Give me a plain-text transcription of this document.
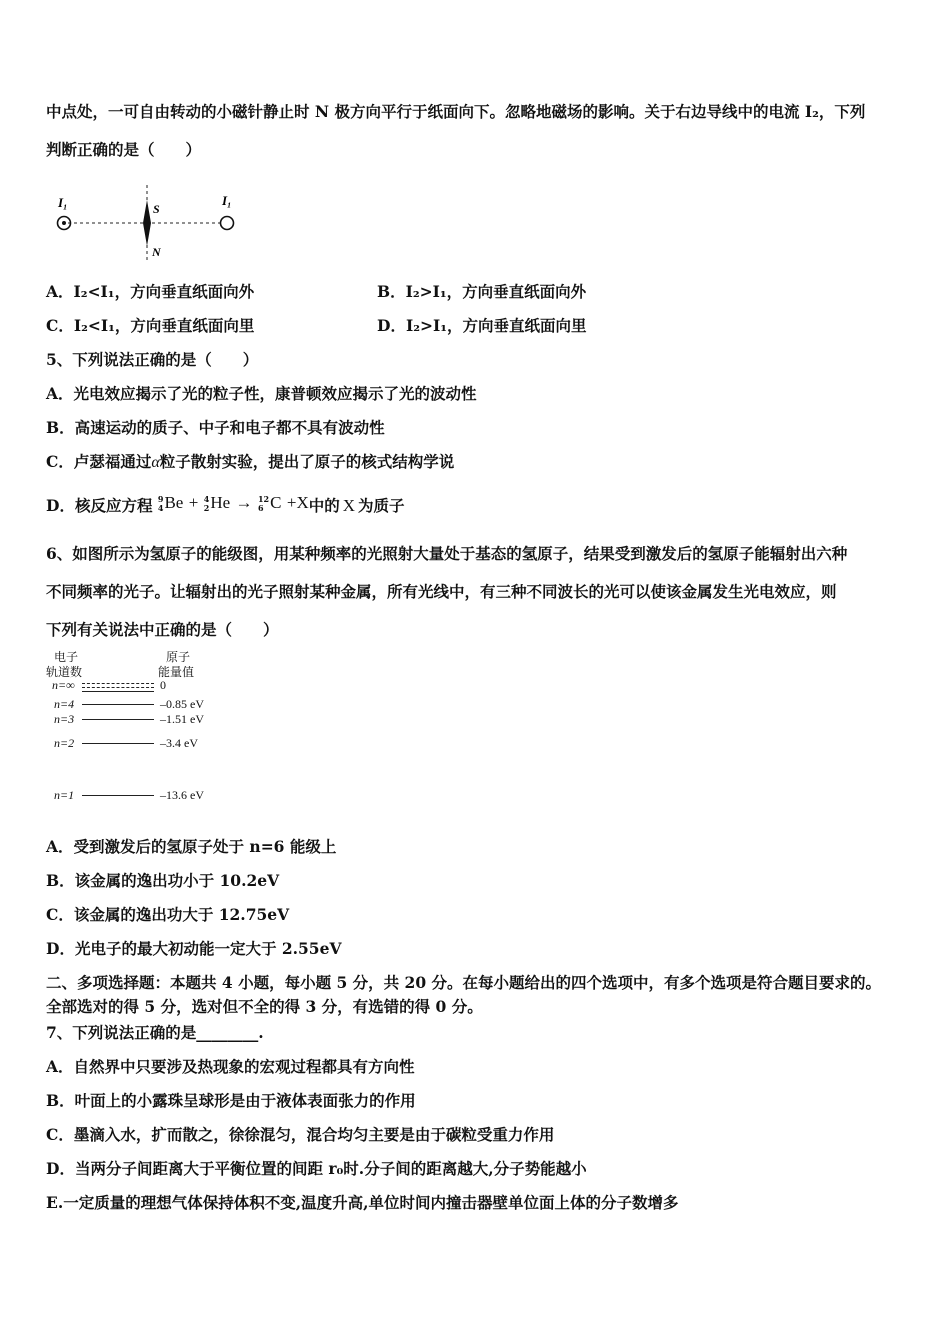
中点处，一可自由转动的小磁针静止时 N 极方向平行于纸面向下。忽略地磁场的影响。关于右边导线中的电流 I₂，下列
判断正确的是（　　）
I₁	I₁
S
N
A．I₂<I₁，方向垂直纸面向外	B．I₂>I₁，方向垂直纸面向外
C．I₂<I₁，方向垂直纸面向里	D．I₂>I₁，方向垂直纸面向里
5、下列说法正确的是（　　）
A．光电效应揭示了光的粒子性，康普顿效应揭示了光的波动性
B．高速运动的质子、中子和电子都不具有波动性
C．卢瑟福通过α粒子散射实验，提出了原子的核式结构学说
D．核反应方程 9
4 Be + 4
2 He → 12
6 C +X中的 X 为质子
6、如图所示为氢原子的能级图，用某种频率的光照射大量处于基态的氢原子，结果受到激发后的氢原子能辐射出六种
不同频率的光子。让辐射出的光子照射某种金属，所有光线中，有三种不同波长的光可以使该金属发生光电效应，则
下列有关说法中正确的是（　　）
电子
轨道数
原子
能量值
n=∞	0
n=4	–0.85 eV
n=3	–1.51 eV
n=2	–3.4 eV
n=1	–13.6 eV
A．受到激发后的氢原子处于 n=6 能级上
B．该金属的逸出功小于 10.2eV
C．该金属的逸出功大于 12.75eV
D．光电子的最大初动能一定大于 2.55eV
二、多项选择题：本题共 4 小题，每小题 5 分，共 20 分。在每小题给出的四个选项中，有多个选项是符合题目要求的。
全部选对的得 5 分，选对但不全的得 3 分，有选错的得 0 分。
7、下列说法正确的是________.
A．自然界中只要涉及热现象的宏观过程都具有方向性
B．叶面上的小露珠呈球形是由于液体表面张力的作用
C．墨滴入水，扩而散之，徐徐混匀，混合均匀主要是由于碳粒受重力作用
D．当两分子间距离大于平衡位置的间距 r₀时.分子间的距离越大,分子势能越小
E.一定质量的理想气体保持体积不变,温度升高,单位时间内撞击器壁单位面上体的分子数增多
